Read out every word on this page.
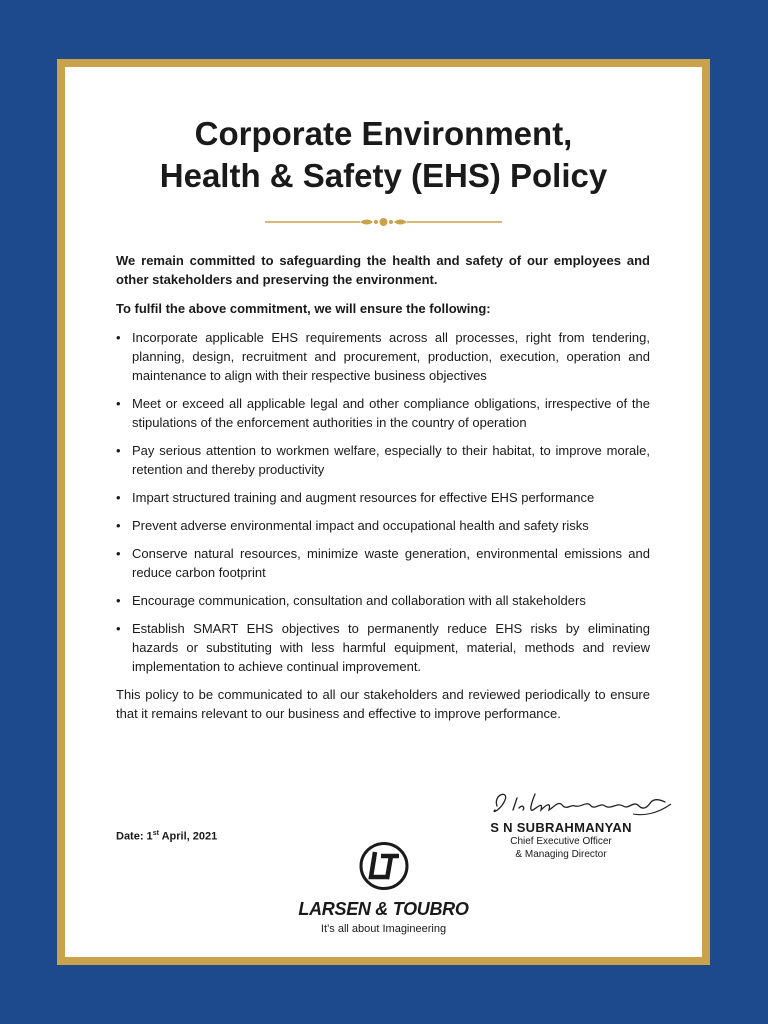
Corporate Environment,
Health & Safety (EHS) Policy

We remain committed to safeguarding the health and safety of our employees and other stakeholders and preserving the environment.

To fulfil the above commitment, we will ensure the following:

• Incorporate applicable EHS requirements across all processes, right from tendering, planning, design, recruitment and procurement, production, execution, operation and maintenance to align with their respective business objectives
• Meet or exceed all applicable legal and other compliance obligations, irrespective of the stipulations of the enforcement authorities in the country of operation
• Pay serious attention to workmen welfare, especially to their habitat, to improve morale, retention and thereby productivity
• Impart structured training and augment resources for effective EHS performance
• Prevent adverse environmental impact and occupational health and safety risks
• Conserve natural resources, minimize waste generation, environmental emissions and reduce carbon footprint
• Encourage communication, consultation and collaboration with all stakeholders
• Establish SMART EHS objectives to permanently reduce EHS risks by eliminating hazards or substituting with less harmful equipment, material, methods and review implementation to achieve continual improvement.

This policy to be communicated to all our stakeholders and reviewed periodically to ensure that it remains relevant to our business and effective to improve performance.

Date: 1st April, 2021
S N SUBRAHMANYAN
Chief Executive Officer
& Managing Director
LARSEN & TOUBRO
It’s all about Imagineering
